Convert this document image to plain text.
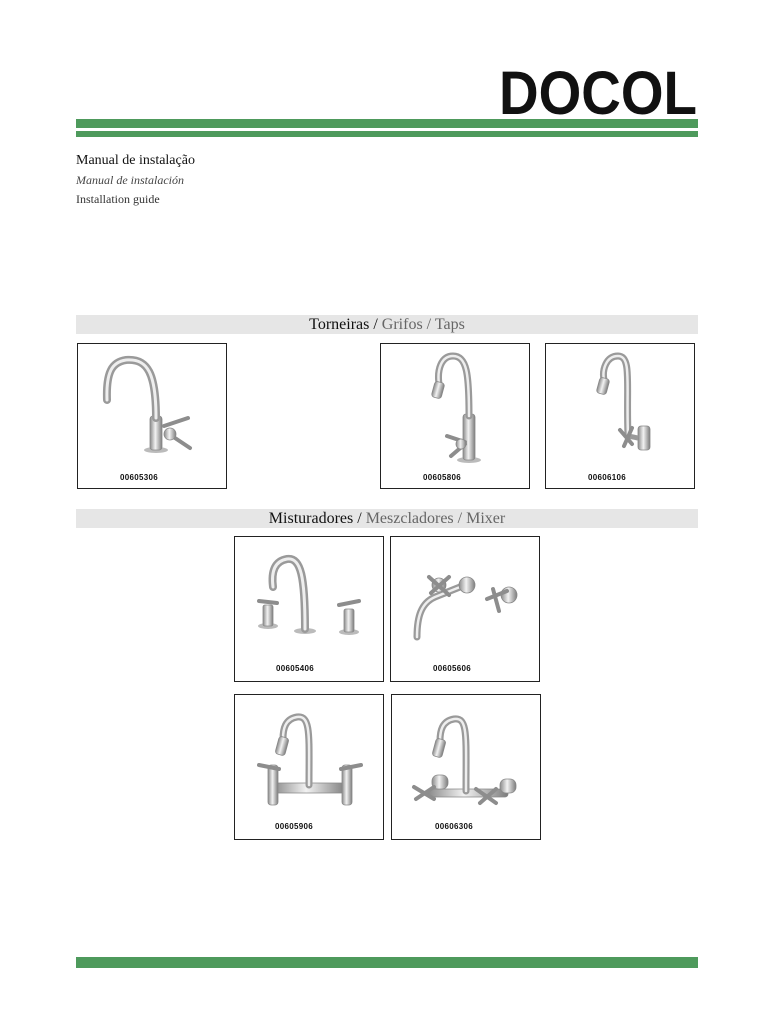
DOCOL
Manual de instalação
Manual de instalación
Installation guide
Torneiras / Grifos / Taps
00605306	00605806	00606106
Misturadores / Meszcladores / Mixer
00605406	00605606
00605906	00606306
